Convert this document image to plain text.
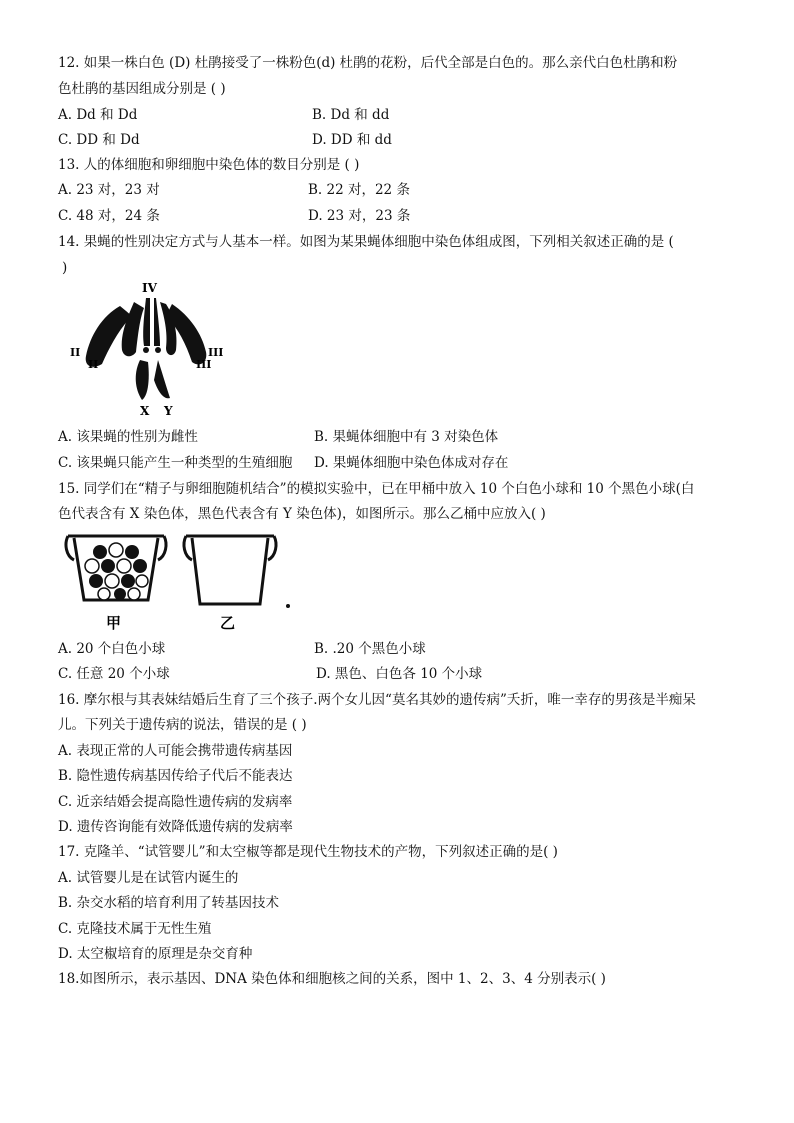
12. 如果一株白色 (D) 杜鹃接受了一株粉色(d) 杜鹃的花粉，后代全部是白色的。那么亲代白色杜鹃和粉
色杜鹃的基因组成分别是 ( )
A. Dd 和 Dd	B. Dd 和 dd
C. DD 和 Dd	D. DD 和 dd
13. 人的体细胞和卵细胞中染色体的数目分别是 ( )
A. 23 对，23 对	B. 22 对，22 条
C. 48 对，24 条	D. 23 对，23 条
14. 果蝇的性别决定方式与人基本一样。如图为某果蝇体细胞中染色体组成图，下列相关叙述正确的是 (
)
IV
II
II
III
III
X Y
A. 该果蝇的性别为雌性	B. 果蝇体细胞中有 3 对染色体
C. 该果蝇只能产生一种类型的生殖细胞 D. 果蝇体细胞中染色体成对存在
15. 同学们在“精子与卵细胞随机结合”的模拟实验中，已在甲桶中放入 10 个白色小球和 10 个黑色小球(白
色代表含有 X 染色体，黑色代表含有 Y 染色体)，如图所示。那么乙桶中应放入( )
甲	乙
A. 20 个白色小球	B. .20 个黑色小球
C. 任意 20 个小球	D. 黑色、白色各 10 个小球
16. 摩尔根与其表妹结婚后生育了三个孩子.两个女儿因“莫名其妙的遗传病”夭折，唯一幸存的男孩是半痴呆
儿。下列关于遗传病的说法，错误的是 ( )
A. 表现正常的人可能会携带遗传病基因
B. 隐性遗传病基因传给子代后不能表达
C. 近亲结婚会提高隐性遗传病的发病率
D. 遗传咨询能有效降低遗传病的发病率
17. 克隆羊、“试管婴儿”和太空椒等都是现代生物技术的产物，下列叙述正确的是( )
A. 试管婴儿是在试管内诞生的
B. 杂交水稻的培育利用了转基因技术
C. 克隆技术属于无性生殖
D. 太空椒培育的原理是杂交育种
18.如图所示，表示基因、DNA 染色体和细胞核之间的关系，图中 1、2、3、4 分别表示( )
